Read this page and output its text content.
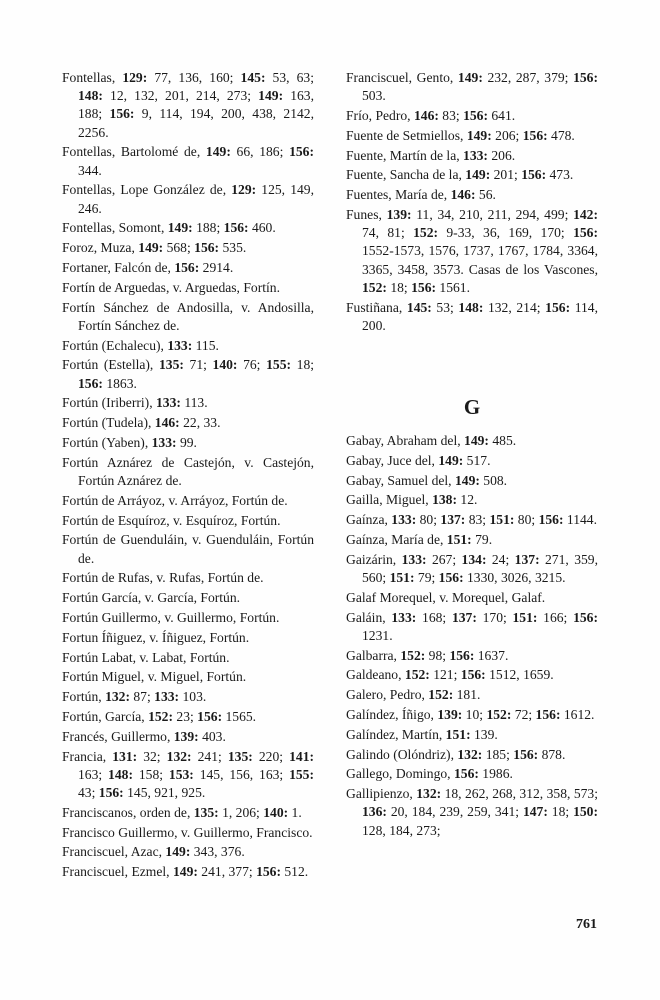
Fontellas, 129: 77, 136, 160; 145: 53, 63; 148: 12, 132, 201, 214, 273; 149: 163, 188; 156: 9, 114, 194, 200, 438, 2142, 2256.
Fontellas, Bartolomé de, 149: 66, 186; 156: 344.
Fontellas, Lope González de, 129: 125, 149, 246.
Fontellas, Somont, 149: 188; 156: 460.
Foroz, Muza, 149: 568; 156: 535.
Fortaner, Falcón de, 156: 2914.
Fortín de Arguedas, v. Arguedas, Fortín.
Fortín Sánchez de Andosilla, v. Andosilla, Fortín Sánchez de.
Fortún (Echalecu), 133: 115.
Fortún (Estella), 135: 71; 140: 76; 155: 18; 156: 1863.
Fortún (Iriberri), 133: 113.
Fortún (Tudela), 146: 22, 33.
Fortún (Yaben), 133: 99.
Fortún Aznárez de Castejón, v. Castejón, Fortún Aznárez de.
Fortún de Arráyoz, v. Arráyoz, Fortún de.
Fortún de Esquíroz, v. Esquíroz, Fortún.
Fortún de Guenduláin, v. Guenduláin, Fortún de.
Fortún de Rufas, v. Rufas, Fortún de.
Fortún García, v. García, Fortún.
Fortún Guillermo, v. Guillermo, Fortún.
Fortun Íñiguez, v. Íñiguez, Fortún.
Fortún Labat, v. Labat, Fortún.
Fortún Miguel, v. Miguel, Fortún.
Fortún, 132: 87; 133: 103.
Fortún, García, 152: 23; 156: 1565.
Francés, Guillermo, 139: 403.
Francia, 131: 32; 132: 241; 135: 220; 141: 163; 148: 158; 153: 145, 156, 163; 155: 43; 156: 145, 921, 925.
Franciscanos, orden de, 135: 1, 206; 140: 1.
Francisco Guillermo, v. Guillermo, Francisco.
Franciscuel, Azac, 149: 343, 376.
Franciscuel, Ezmel, 149: 241, 377; 156: 512.
Franciscuel, Gento, 149: 232, 287, 379; 156: 503.
Frío, Pedro, 146: 83; 156: 641.
Fuente de Setmiellos, 149: 206; 156: 478.
Fuente, Martín de la, 133: 206.
Fuente, Sancha de la, 149: 201; 156: 473.
Fuentes, María de, 146: 56.
Funes, 139: 11, 34, 210, 211, 294, 499; 142: 74, 81; 152: 9-33, 36, 169, 170; 156: 1552-1573, 1576, 1737, 1767, 1784, 3364, 3365, 3458, 3573. Casas de los Vascones, 152: 18; 156: 1561.
Fustiñana, 145: 53; 148: 132, 214; 156: 114, 200.
G
Gabay, Abraham del, 149: 485.
Gabay, Juce del, 149: 517.
Gabay, Samuel del, 149: 508.
Gailla, Miguel, 138: 12.
Gaínza, 133: 80; 137: 83; 151: 80; 156: 1144.
Gaínza, María de, 151: 79.
Gaizárin, 133: 267; 134: 24; 137: 271, 359, 560; 151: 79; 156: 1330, 3026, 3215.
Galaf Morequel, v. Morequel, Galaf.
Galáin, 133: 168; 137: 170; 151: 166; 156: 1231.
Galbarra, 152: 98; 156: 1637.
Galdeano, 152: 121; 156: 1512, 1659.
Galero, Pedro, 152: 181.
Galíndez, Íñigo, 139: 10; 152: 72; 156: 1612.
Galíndez, Martín, 151: 139.
Galindo (Olóndriz), 132: 185; 156: 878.
Gallego, Domingo, 156: 1986.
Gallipienzo, 132: 18, 262, 268, 312, 358, 573; 136: 20, 184, 239, 259, 341; 147: 18; 150: 128, 184, 273;
761
